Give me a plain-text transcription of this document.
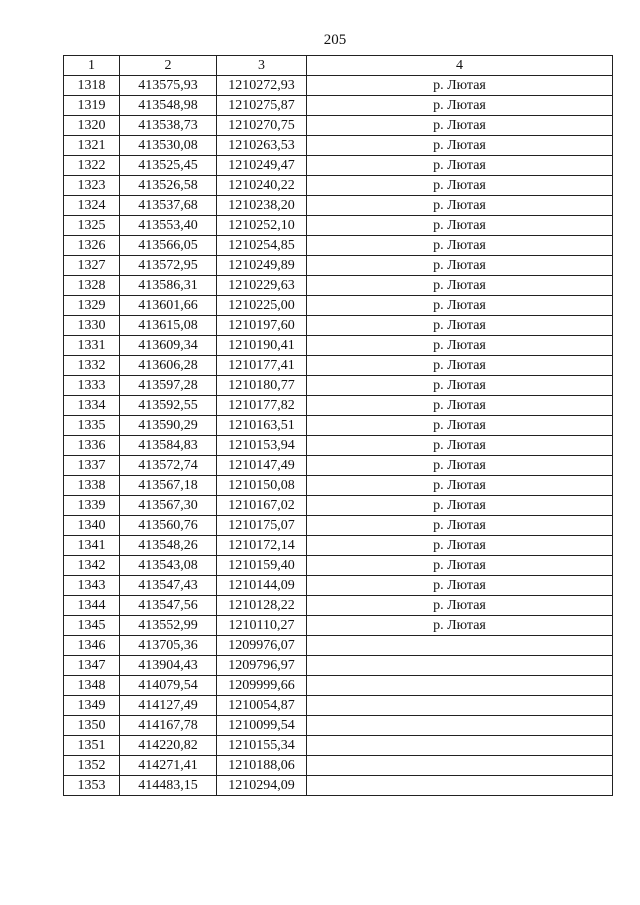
205
1	2	3	4
1318	413575,93	1210272,93	р. Лютая
1319	413548,98	1210275,87	р. Лютая
1320	413538,73	1210270,75	р. Лютая
1321	413530,08	1210263,53	р. Лютая
1322	413525,45	1210249,47	р. Лютая
1323	413526,58	1210240,22	р. Лютая
1324	413537,68	1210238,20	р. Лютая
1325	413553,40	1210252,10	р. Лютая
1326	413566,05	1210254,85	р. Лютая
1327	413572,95	1210249,89	р. Лютая
1328	413586,31	1210229,63	р. Лютая
1329	413601,66	1210225,00	р. Лютая
1330	413615,08	1210197,60	р. Лютая
1331	413609,34	1210190,41	р. Лютая
1332	413606,28	1210177,41	р. Лютая
1333	413597,28	1210180,77	р. Лютая
1334	413592,55	1210177,82	р. Лютая
1335	413590,29	1210163,51	р. Лютая
1336	413584,83	1210153,94	р. Лютая
1337	413572,74	1210147,49	р. Лютая
1338	413567,18	1210150,08	р. Лютая
1339	413567,30	1210167,02	р. Лютая
1340	413560,76	1210175,07	р. Лютая
1341	413548,26	1210172,14	р. Лютая
1342	413543,08	1210159,40	р. Лютая
1343	413547,43	1210144,09	р. Лютая
1344	413547,56	1210128,22	р. Лютая
1345	413552,99	1210110,27	р. Лютая
1346	413705,36	1209976,07	
1347	413904,43	1209796,97	
1348	414079,54	1209999,66	
1349	414127,49	1210054,87	
1350	414167,78	1210099,54	
1351	414220,82	1210155,34	
1352	414271,41	1210188,06	
1353	414483,15	1210294,09	
